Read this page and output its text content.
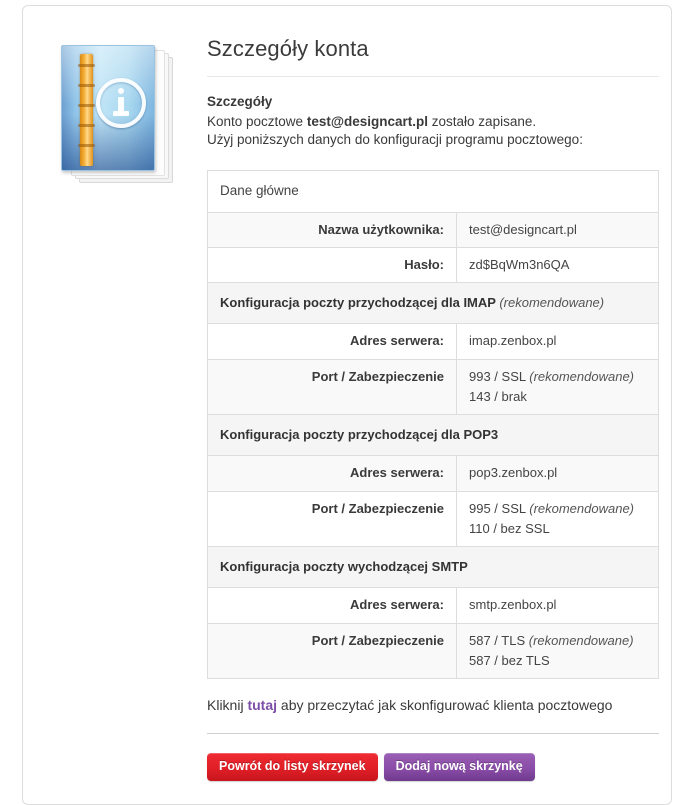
Szczegóły konta
Szczegóły

Konto pocztowe test@designcart.pl zostało zapisane.

Użyj poniższych danych do konfiguracji programu pocztowego:

Dane główne	
Nazwa użytkownika:	test@designcart.pl
Hasło:	zd$BqWm3n6QA
Konfiguracja poczty przychodzącej dla IMAP (rekomendowane)	
Adres serwera:	imap.zenbox.pl
Port / Zabezpieczenie	993 / SSL (rekomendowane)
143 / brak

Konfiguracja poczty przychodzącej dla POP3	
Adres serwera:	pop3.zenbox.pl
Port / Zabezpieczenie	995 / SSL (rekomendowane)
110 / bez SSL

Konfiguracja poczty wychodzącej SMTP	
Adres serwera:	smtp.zenbox.pl
Port / Zabezpieczenie	587 / TLS (rekomendowane)
587 / bez TLS
Kliknij tutaj aby przeczytać jak skonfigurować klienta pocztowego
Powrót do listy skrzynek	Dodaj nową skrzynkę
